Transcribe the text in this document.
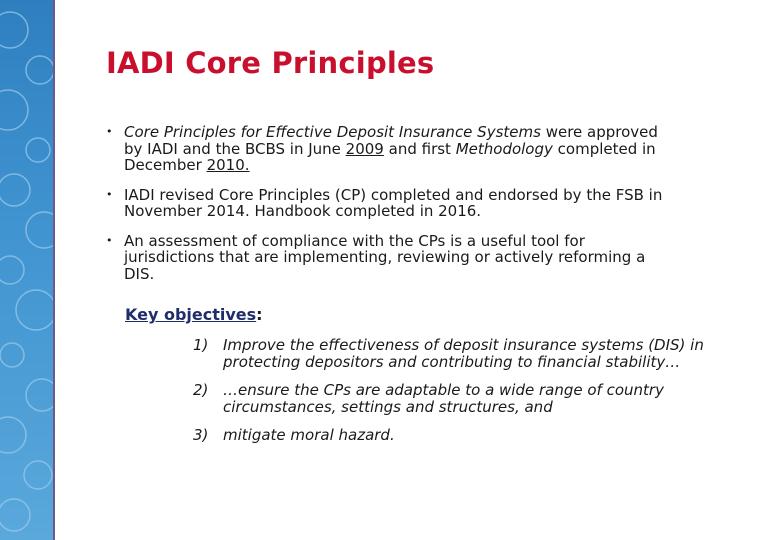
IADI Core Principles
• Core Principles for Effective Deposit Insurance Systems were approved by IADI and the BCBS in June 2009 and first Methodology completed in December 2010.
• IADI revised Core Principles (CP) completed and endorsed by the FSB in November 2014. Handbook completed in 2016.
• An assessment of compliance with the CPs is a useful tool for jurisdictions that are implementing, reviewing or actively reforming a DIS.
Key objectives:
1) Improve the effectiveness of deposit insurance systems (DIS) in protecting depositors and contributing to financial stability…
2) …ensure the CPs are adaptable to a wide range of country circumstances, settings and structures, and
3) mitigate moral hazard.
